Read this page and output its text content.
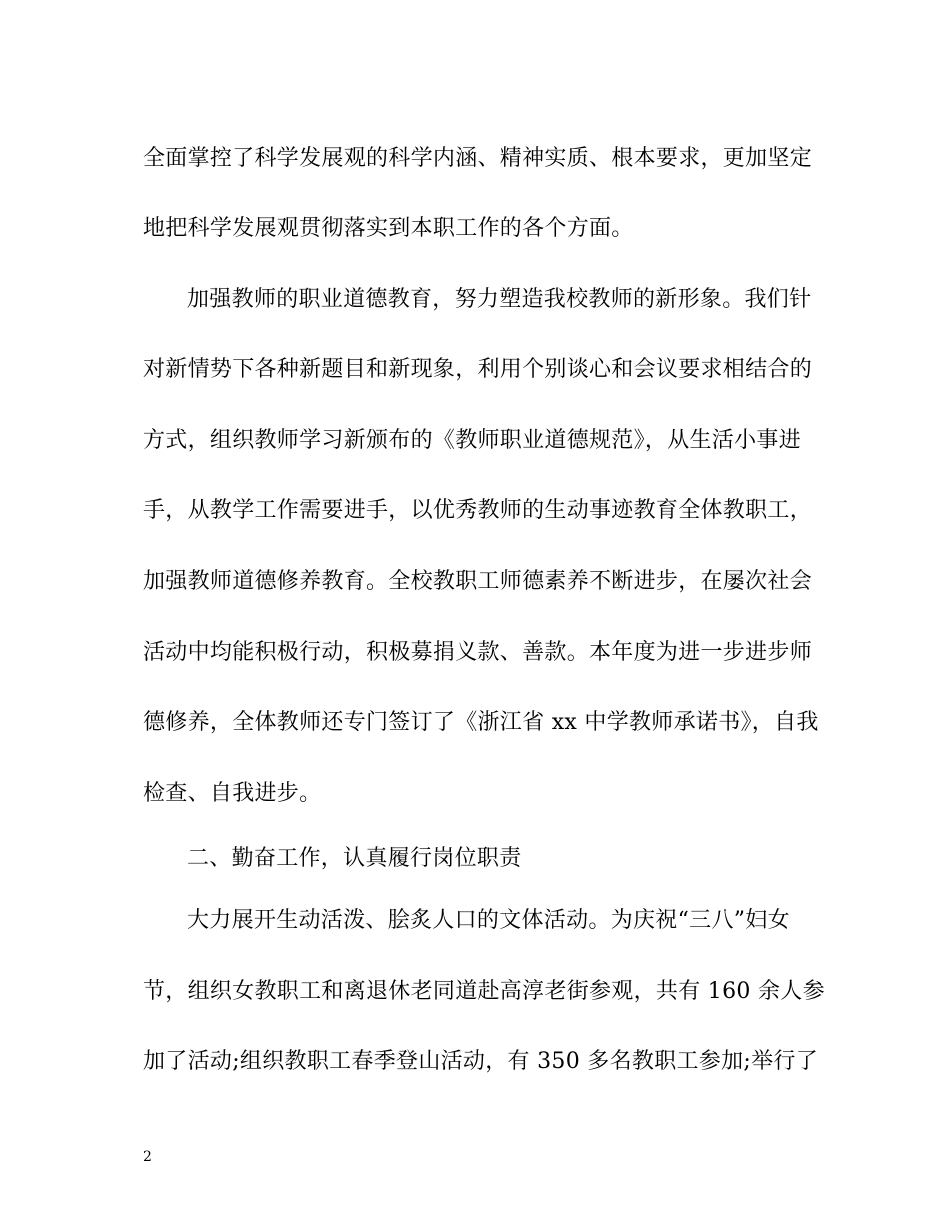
全面掌控了科学发展观的科学内涵、精神实质、根本要求，更加坚定
地把科学发展观贯彻落实到本职工作的各个方面。
加强教师的职业道德教育，努力塑造我校教师的新形象。我们针
对新情势下各种新题目和新现象，利用个别谈心和会议要求相结合的
方式，组织教师学习新颁布的《教师职业道德规范》，从生活小事进
手，从教学工作需要进手，以优秀教师的生动事迹教育全体教职工，
加强教师道德修养教育。全校教职工师德素养不断进步，在屡次社会
活动中均能积极行动，积极募捐义款、善款。本年度为进一步进步师
德修养，全体教师还专门签订了《浙江省 xx 中学教师承诺书》，自我
检查、自我进步。
二、勤奋工作，认真履行岗位职责
大力展开生动活泼、脍炙人口的文体活动。为庆祝“三八”妇女
节，组织女教职工和离退休老同道赴高淳老街参观，共有 160 余人参
加了活动;组织教职工春季登山活动，有 350 多名教职工参加;举行了
2
